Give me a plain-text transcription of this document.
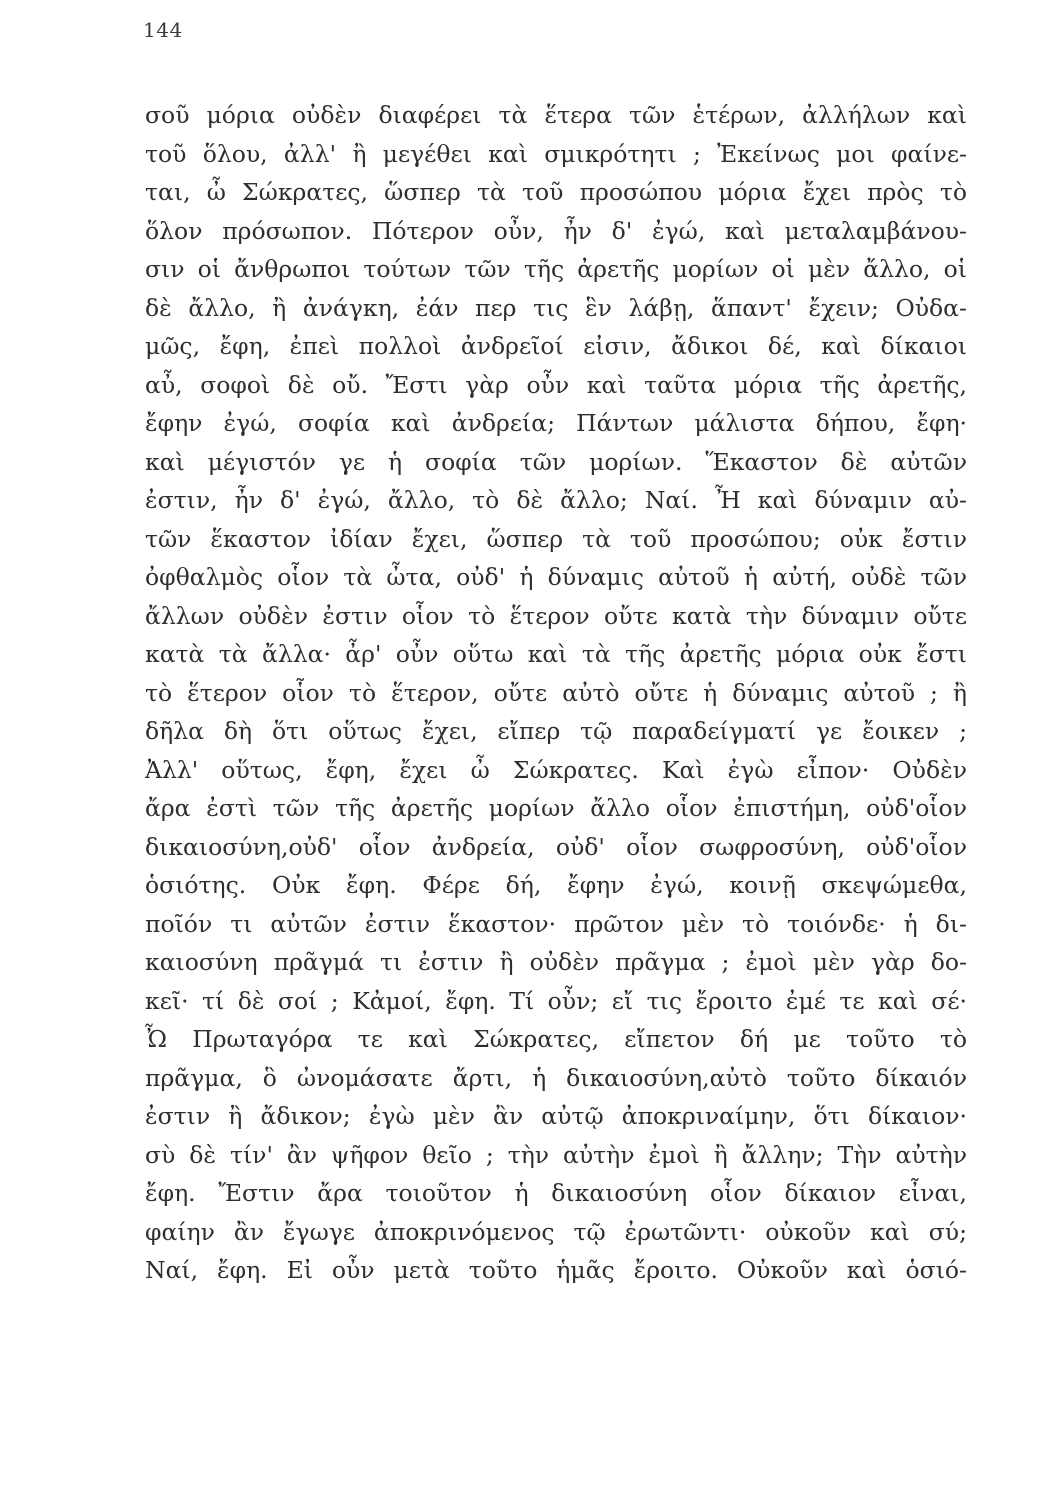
144
σοῦ μόρια οὐδὲν διαφέρει τὰ ἕτερα τῶν ἑτέρων, ἀλλήλων καὶ
τοῦ ὅλου, ἀλλ' ἢ μεγέθει καὶ σμικρότητι ; Ἐκείνως μοι φαίνε-
ται, ὦ Σώκρατες, ὥσπερ τὰ τοῦ προσώπου μόρια ἔχει πρὸς τὸ
ὅλον πρόσωπον. Πότερον οὖν, ἦν δ' ἐγώ, καὶ μεταλαμβάνου-
σιν οἱ ἄνθρωποι τούτων τῶν τῆς ἀρετῆς μορίων οἱ μὲν ἄλλο, οἱ
δὲ ἄλλο, ἢ ἀνάγκη, ἐάν περ τις ἓν λάβῃ, ἅπαντ' ἔχειν; Οὐδα-
μῶς, ἔφη, ἐπεὶ πολλοὶ ἀνδρεῖοί εἰσιν, ἄδικοι δέ, καὶ δίκαιοι
αὖ, σοφοὶ δὲ οὔ. Ἔστι γὰρ οὖν καὶ ταῦτα μόρια τῆς ἀρετῆς,
ἔφην ἐγώ, σοφία καὶ ἀνδρεία; Πάντων μάλιστα δήπου, ἔφη·
καὶ μέγιστόν γε ἡ σοφία τῶν μορίων. Ἕκαστον δὲ αὐτῶν
ἐστιν, ἦν δ' ἐγώ, ἄλλο, τὸ δὲ ἄλλο; Ναί. Ἦ καὶ δύναμιν αὐ-
τῶν ἕκαστον ἰδίαν ἔχει, ὥσπερ τὰ τοῦ προσώπου; οὐκ ἔστιν
ὀφθαλμὸς οἷον τὰ ὦτα, οὐδ' ἡ δύναμις αὐτοῦ ἡ αὐτή, οὐδὲ τῶν
ἄλλων οὐδὲν ἐστιν οἷον τὸ ἕτερον οὔτε κατὰ τὴν δύναμιν οὔτε
κατὰ τὰ ἄλλα· ἆρ' οὖν οὕτω καὶ τὰ τῆς ἀρετῆς μόρια οὐκ ἔστι
τὸ ἕτερον οἷον τὸ ἕτερον, οὔτε αὐτὸ οὔτε ἡ δύναμις αὐτοῦ ; ἢ
δῆλα δὴ ὅτι οὕτως ἔχει, εἴπερ τῷ παραδείγματί γε ἔοικεν ;
Ἀλλ' οὕτως, ἔφη, ἔχει ὦ Σώκρατες. Καὶ ἐγὼ εἶπον· Οὐδὲν
ἄρα ἐστὶ τῶν τῆς ἀρετῆς μορίων ἄλλο οἷον ἐπιστήμη, οὐδ'οἷον
δικαιοσύνη,οὐδ' οἷον ἀνδρεία, οὐδ' οἷον σωφροσύνη, οὐδ'οἷον
ὁσιότης. Οὐκ ἔφη. Φέρε δή, ἔφην ἐγώ, κοινῇ σκεψώμεθα,
ποῖόν τι αὐτῶν ἐστιν ἕκαστον· πρῶτον μὲν τὸ τοιόνδε· ἡ δι-
καιοσύνη πρᾶγμά τι ἐστιν ἢ οὐδὲν πρᾶγμα ; ἐμοὶ μὲν γὰρ δο-
κεῖ· τί δὲ σοί ; Κἀμοί, ἔφη. Τί οὖν; εἴ τις ἔροιτο ἐμέ τε καὶ σέ·
Ὦ Πρωταγόρα τε καὶ Σώκρατες, εἴπετον δή με τοῦτο τὸ
πρᾶγμα, ὃ ὠνομάσατε ἄρτι, ἡ δικαιοσύνη,αὐτὸ τοῦτο δίκαιόν
ἐστιν ἢ ἄδικον; ἐγὼ μὲν ἂν αὐτῷ ἀποκριναίμην, ὅτι δίκαιον·
σὺ δὲ τίν' ἂν ψῆφον θεῖο ; τὴν αὐτὴν ἐμοὶ ἢ ἄλλην; Τὴν αὐτὴν
ἔφη. Ἔστιν ἄρα τοιοῦτον ἡ δικαιοσύνη οἷον δίκαιον εἶναι,
φαίην ἂν ἔγωγε ἀποκρινόμενος τῷ ἐρωτῶντι· οὐκοῦν καὶ σύ;
Ναί, ἔφη. Εἰ οὖν μετὰ τοῦτο ἡμᾶς ἔροιτο. Οὐκοῦν καὶ ὁσιό-
